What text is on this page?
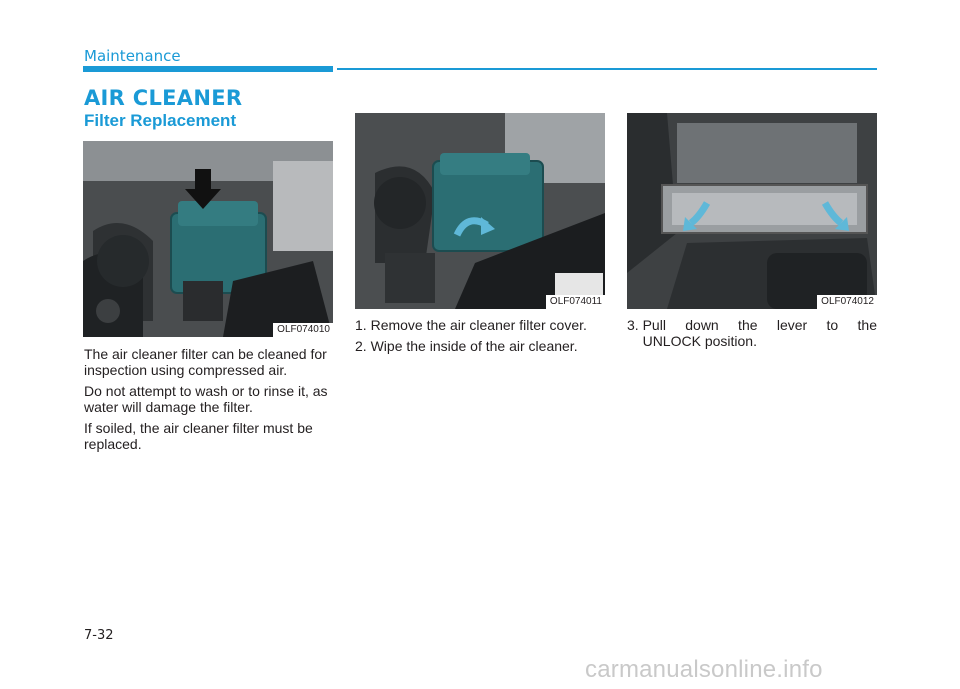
Maintenance
AIR CLEANER
Filter Replacement
OLF074010
OLF074011	OLF074012

The air cleaner filter can be cleaned for inspection using compressed air.

Do not attempt to wash or to rinse it, as water will damage the filter.

If soiled, the air cleaner filter must be replaced.

1. Remove the air cleaner filter cover.

2. Wipe the inside of the air cleaner.

3. Pull down the lever to the
UNLOCK position.
7-32
carmanualsonline.info
